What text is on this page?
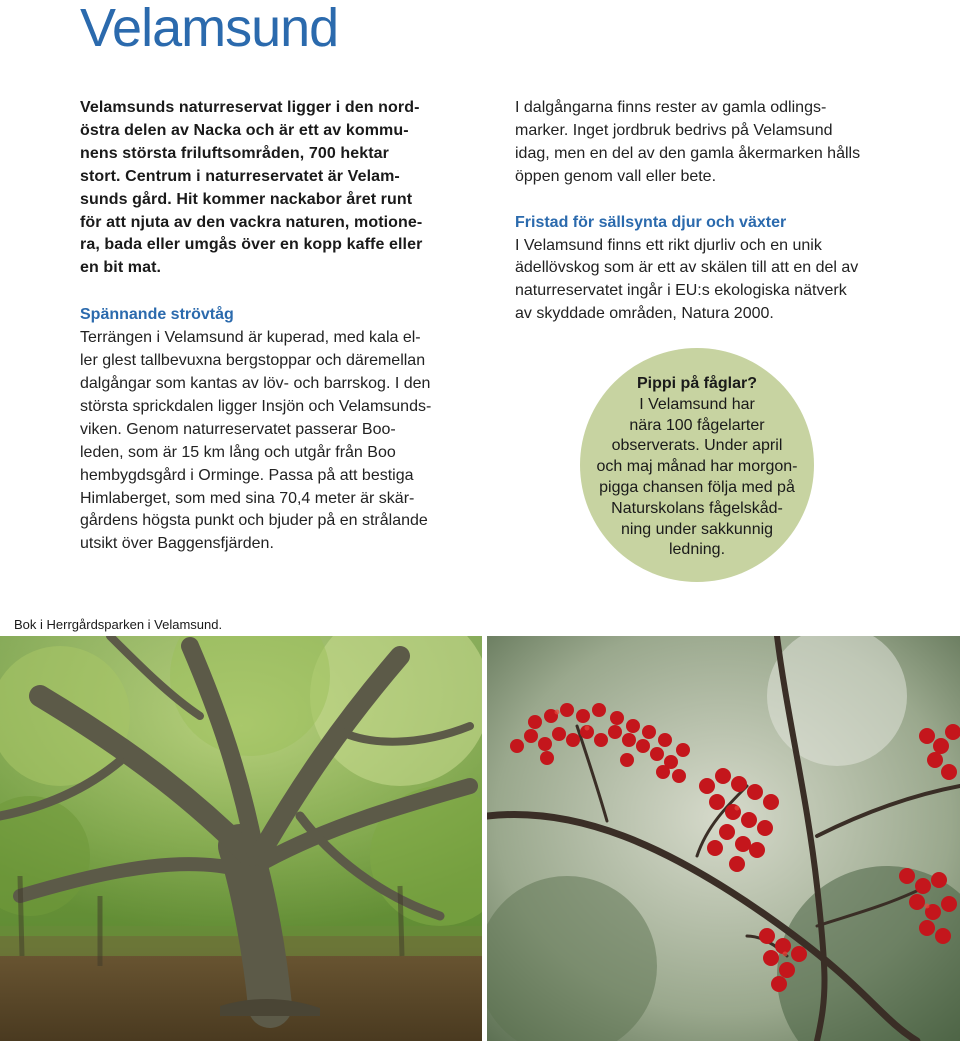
Velamsund

Velamsunds naturreservat ligger i den nord-
östra delen av Nacka och är ett av kommu-
nens största friluftsområden, 700 hektar
stort. Centrum i naturreservatet är Velam-
sunds gård. Hit kommer nackabor året runt
för att njuta av den vackra naturen, motione-
ra, bada eller umgås över en kopp kaffe eller
en bit mat.

Spännande strövtåg

Terrängen i Velamsund är kuperad, med kala el-
ler glest tallbevuxna bergstoppar och däremellan
dalgångar som kantas av löv- och barrskog. I den
största sprickdalen ligger Insjön och Velamsunds-
viken. Genom naturreservatet passerar Boo-
leden, som är 15 km lång och utgår från Boo
hembygdsgård i Orminge. Passa på att bestiga
Himlaberget, som med sina 70,4 meter är skär-
gårdens högsta punkt och bjuder på en strålande
utsikt över Baggensfjärden.

I dalgångarna finns rester av gamla odlings-
marker. Inget jordbruk bedrivs på Velamsund
idag, men en del av den gamla åkermarken hålls
öppen genom vall eller bete.

Fristad för sällsynta djur och växter

I Velamsund finns ett rikt djurliv och en unik
ädellövskog som är ett av skälen till att en del av
naturreservatet ingår i EU:s ekologiska nätverk
av skyddade områden, Natura 2000.

Pippi på fåglar?
I Velamsund har
nära 100 fågelarter
observerats. Under april
och maj månad har morgon-
pigga chansen följa med på
Naturskolans fågelskåd-
ning under sakkunnig
ledning.
Bok i Herrgårdsparken i Velamsund.
